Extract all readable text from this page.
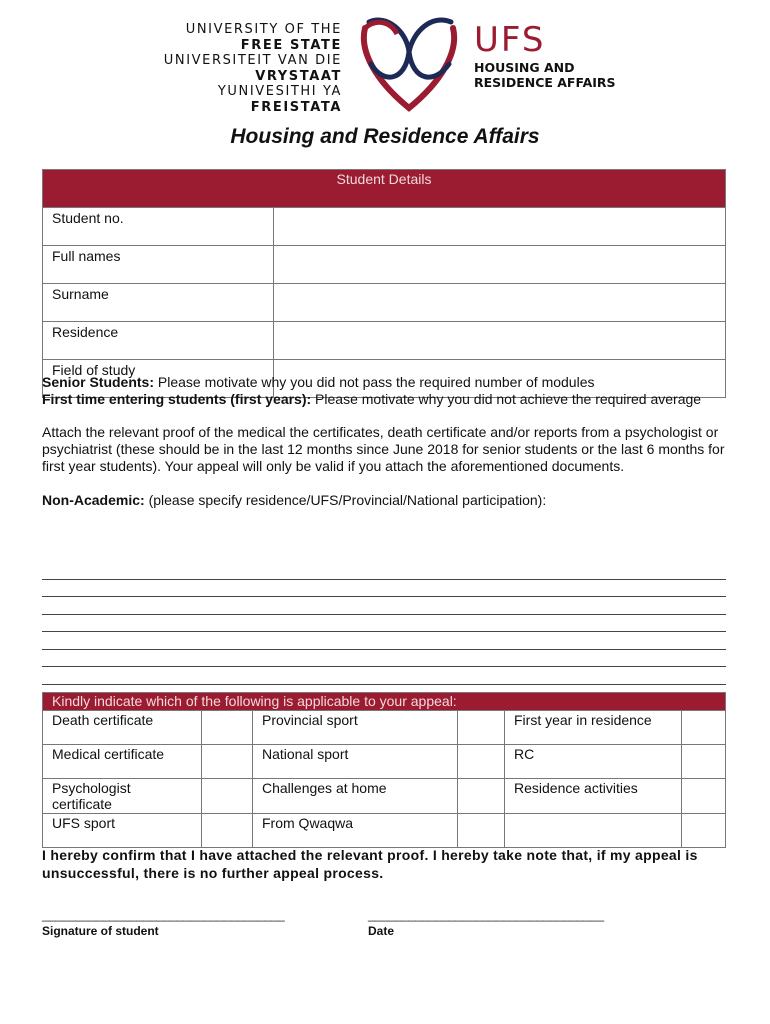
UNIVERSITY OF THE
FREE STATE
UNIVERSITEIT VAN DIE
VRYSTAAT
YUNIVESITHI YA
FREISTATA
UFS
HOUSING AND
RESIDENCE AFFAIRS
Housing and Residence Affairs
Student Details	
Student no.	
Full names	
Surname	
Residence	
Field of study	

Senior Students: Please motivate why you did not pass the required number of modules

First time entering students (first years): Please motivate why you did not achieve the required average

Attach the relevant proof of the medical the certificates, death certificate and/or reports from a psychologist or psychiatrist (these should be in the last 12 months since June 2018 for senior students or the last 6 months for first year students). Your appeal will only be valid if you attach the aforementioned documents.

Non-Academic: (please specify residence/UFS/Provincial/National participation):

Kindly indicate which of the following is applicable to your appeal:					
Death certificate		Provincial sport		First year in residence	
Medical certificate		National sport		RC	
Psychologist certificate		Challenges at home		Residence activities	
UFS sport		From Qwaqwa			
I hereby confirm that I have attached the relevant proof. I hereby take note that, if my appeal is unsuccessful, there is no further appeal process.
____________________________________	___________________________________
Signature of student	Date
